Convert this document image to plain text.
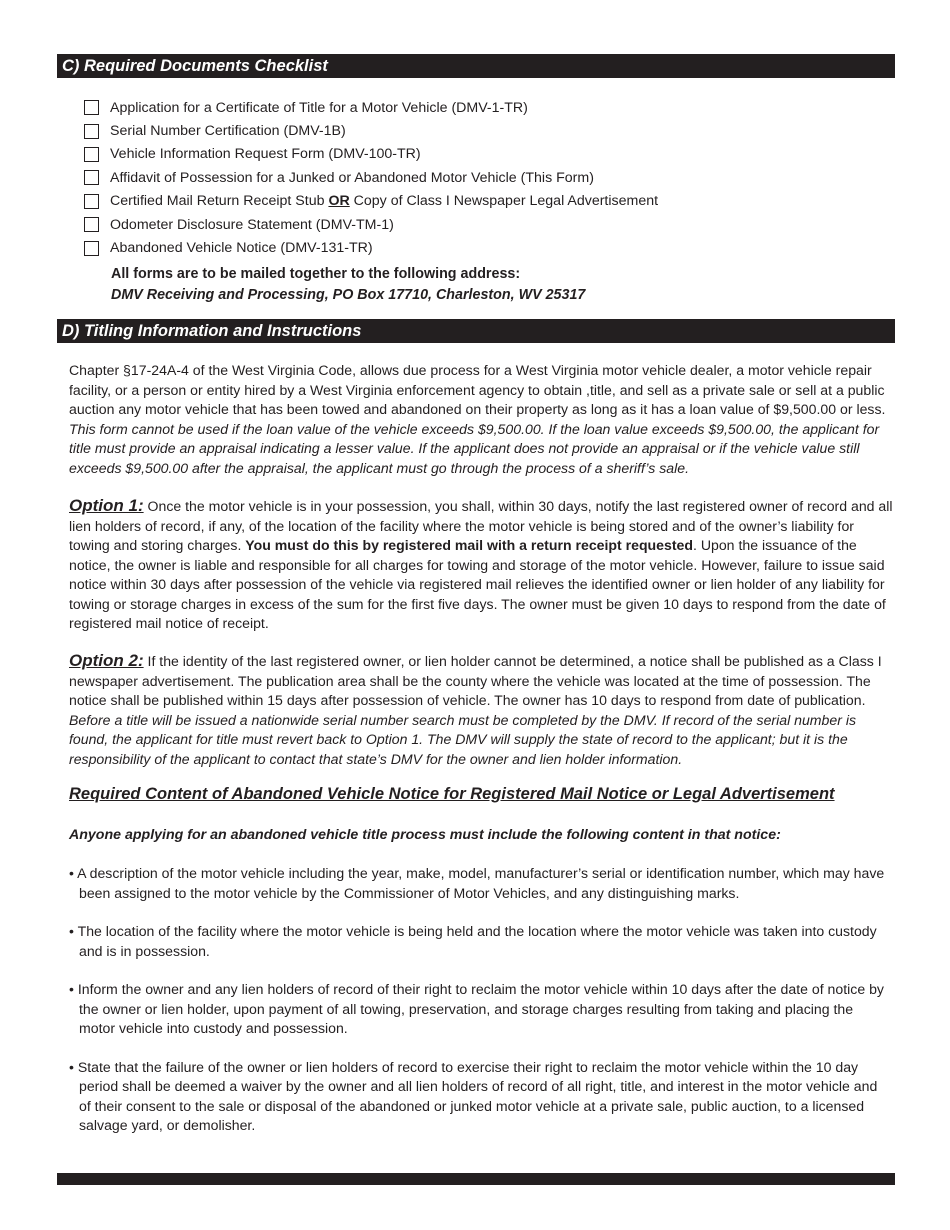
C) Required Documents Checklist
Application for a Certificate of Title for a Motor Vehicle (DMV-1-TR)
Serial Number Certification (DMV-1B)
Vehicle Information Request Form (DMV-100-TR)
Affidavit of Possession for a Junked or Abandoned Motor Vehicle (This Form)
Certified Mail Return Receipt Stub OR Copy of Class I Newspaper Legal Advertisement
Odometer Disclosure Statement (DMV-TM-1)
Abandoned Vehicle Notice (DMV-131-TR)
All forms are to be mailed together to the following address:
DMV Receiving and Processing, PO Box 17710, Charleston, WV 25317
D) Titling Information and Instructions
Chapter §17-24A-4 of the West Virginia Code, allows due process for a West Virginia motor vehicle dealer, a motor vehicle repair facility, or a person or entity hired by a West Virginia enforcement agency to obtain ,title, and sell as a private sale or sell at a public auction any motor vehicle that has been towed and abandoned on their property as long as it has a loan value of $9,500.00 or less. This form cannot be used if the loan value of the vehicle exceeds $9,500.00. If the loan value exceeds $9,500.00, the applicant for title must provide an appraisal indicating a lesser value. If the applicant does not provide an appraisal or if the vehicle value still exceeds $9,500.00 after the appraisal, the applicant must go through the process of a sheriff’s sale.
Option 1: Once the motor vehicle is in your possession, you shall, within 30 days, notify the last registered owner of record and all lien holders of record, if any, of the location of the facility where the motor vehicle is being stored and of the owner’s liability for towing and storing charges. You must do this by registered mail with a return receipt requested. Upon the issuance of the notice, the owner is liable and responsible for all charges for towing and storage of the motor vehicle. However, failure to issue said notice within 30 days after possession of the vehicle via registered mail relieves the identified owner or lien holder of any liability for towing or storage charges in excess of the sum for the first five days. The owner must be given 10 days to respond from the date of registered mail notice of receipt.
Option 2: If the identity of the last registered owner, or lien holder cannot be determined, a notice shall be published as a Class I newspaper advertisement. The publication area shall be the county where the vehicle was located at the time of possession. The notice shall be published within 15 days after possession of vehicle. The owner has 10 days to respond from date of publication. Before a title will be issued a nationwide serial number search must be completed by the DMV. If record of the serial number is found, the applicant for title must revert back to Option 1. The DMV will supply the state of record to the applicant; but it is the responsibility of the applicant to contact that state’s DMV for the owner and lien holder information.
Required Content of Abandoned Vehicle Notice for Registered Mail Notice or Legal Advertisement
Anyone applying for an abandoned vehicle title process must include the following content in that notice:
• A description of the motor vehicle including the year, make, model, manufacturer’s serial or identification number, which may have been assigned to the motor vehicle by the Commissioner of Motor Vehicles, and any distinguishing marks.
• The location of the facility where the motor vehicle is being held and the location where the motor vehicle was taken into custody and is in possession.
• Inform the owner and any lien holders of record of their right to reclaim the motor vehicle within 10 days after the date of notice by the owner or lien holder, upon payment of all towing, preservation, and storage charges resulting from taking and placing the motor vehicle into custody and possession.
• State that the failure of the owner or lien holders of record to exercise their right to reclaim the motor vehicle within the 10 day period shall be deemed a waiver by the owner and all lien holders of record of all right, title, and interest in the motor vehicle and of their consent to the sale or disposal of the abandoned or junked motor vehicle at a private sale, public auction, to a licensed salvage yard, or demolisher.
